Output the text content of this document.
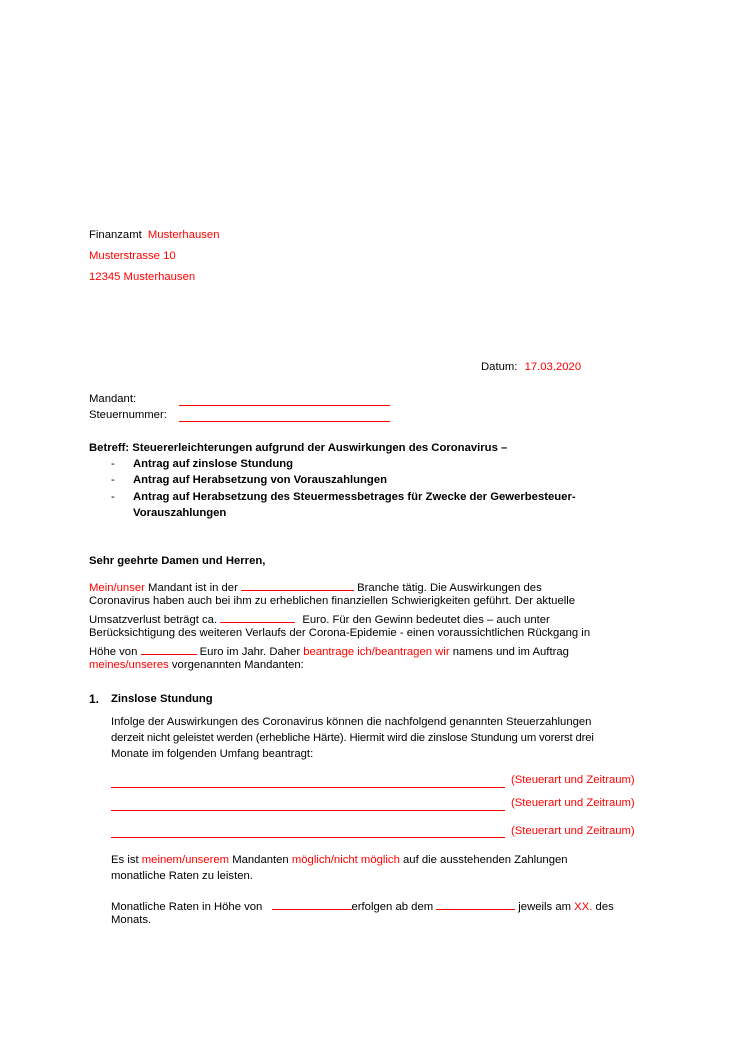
Finanzamt Musterhausen
Musterstrasse 10
12345 Musterhausen
Datum: 17.03.2020
Mandant:
Steuernummer:
Betreff: Steuererleichterungen aufgrund der Auswirkungen des Coronavirus –
- Antrag auf zinslose Stundung
- Antrag auf Herabsetzung von Vorauszahlungen
- Antrag auf Herabsetzung des Steuermessbetrages für Zwecke der Gewerbesteuer-
Vorauszahlungen
Sehr geehrte Damen und Herren,
Mein/unser Mandant ist in der	Branche tätig. Die Auswirkungen des
Coronavirus haben auch bei ihm zu erheblichen finanziellen Schwierigkeiten geführt. Der aktuelle
Umsatzverlust beträgt ca.	Euro. Für den Gewinn bedeutet dies – auch unter
Berücksichtigung des weiteren Verlaufs der Corona-Epidemie - einen voraussichtlichen Rückgang in
Höhe von	Euro im Jahr. Daher beantrage ich/beantragen wir namens und im Auftrag
meines/unseres vorgenannten Mandanten:
1. Zinslose Stundung
Infolge der Auswirkungen des Coronavirus können die nachfolgend genannten Steuerzahlungen
derzeit nicht geleistet werden (erhebliche Härte). Hiermit wird die zinslose Stundung um vorerst drei
Monate im folgenden Umfang beantragt:
(Steuerart und Zeitraum)
(Steuerart und Zeitraum)
(Steuerart und Zeitraum)
Es ist meinem/unserem Mandanten möglich/nicht möglich auf die ausstehenden Zahlungen
monatliche Raten zu leisten.
Monatliche Raten in Höhe von	erfolgen ab dem	jeweils am XX. des
Monats.
